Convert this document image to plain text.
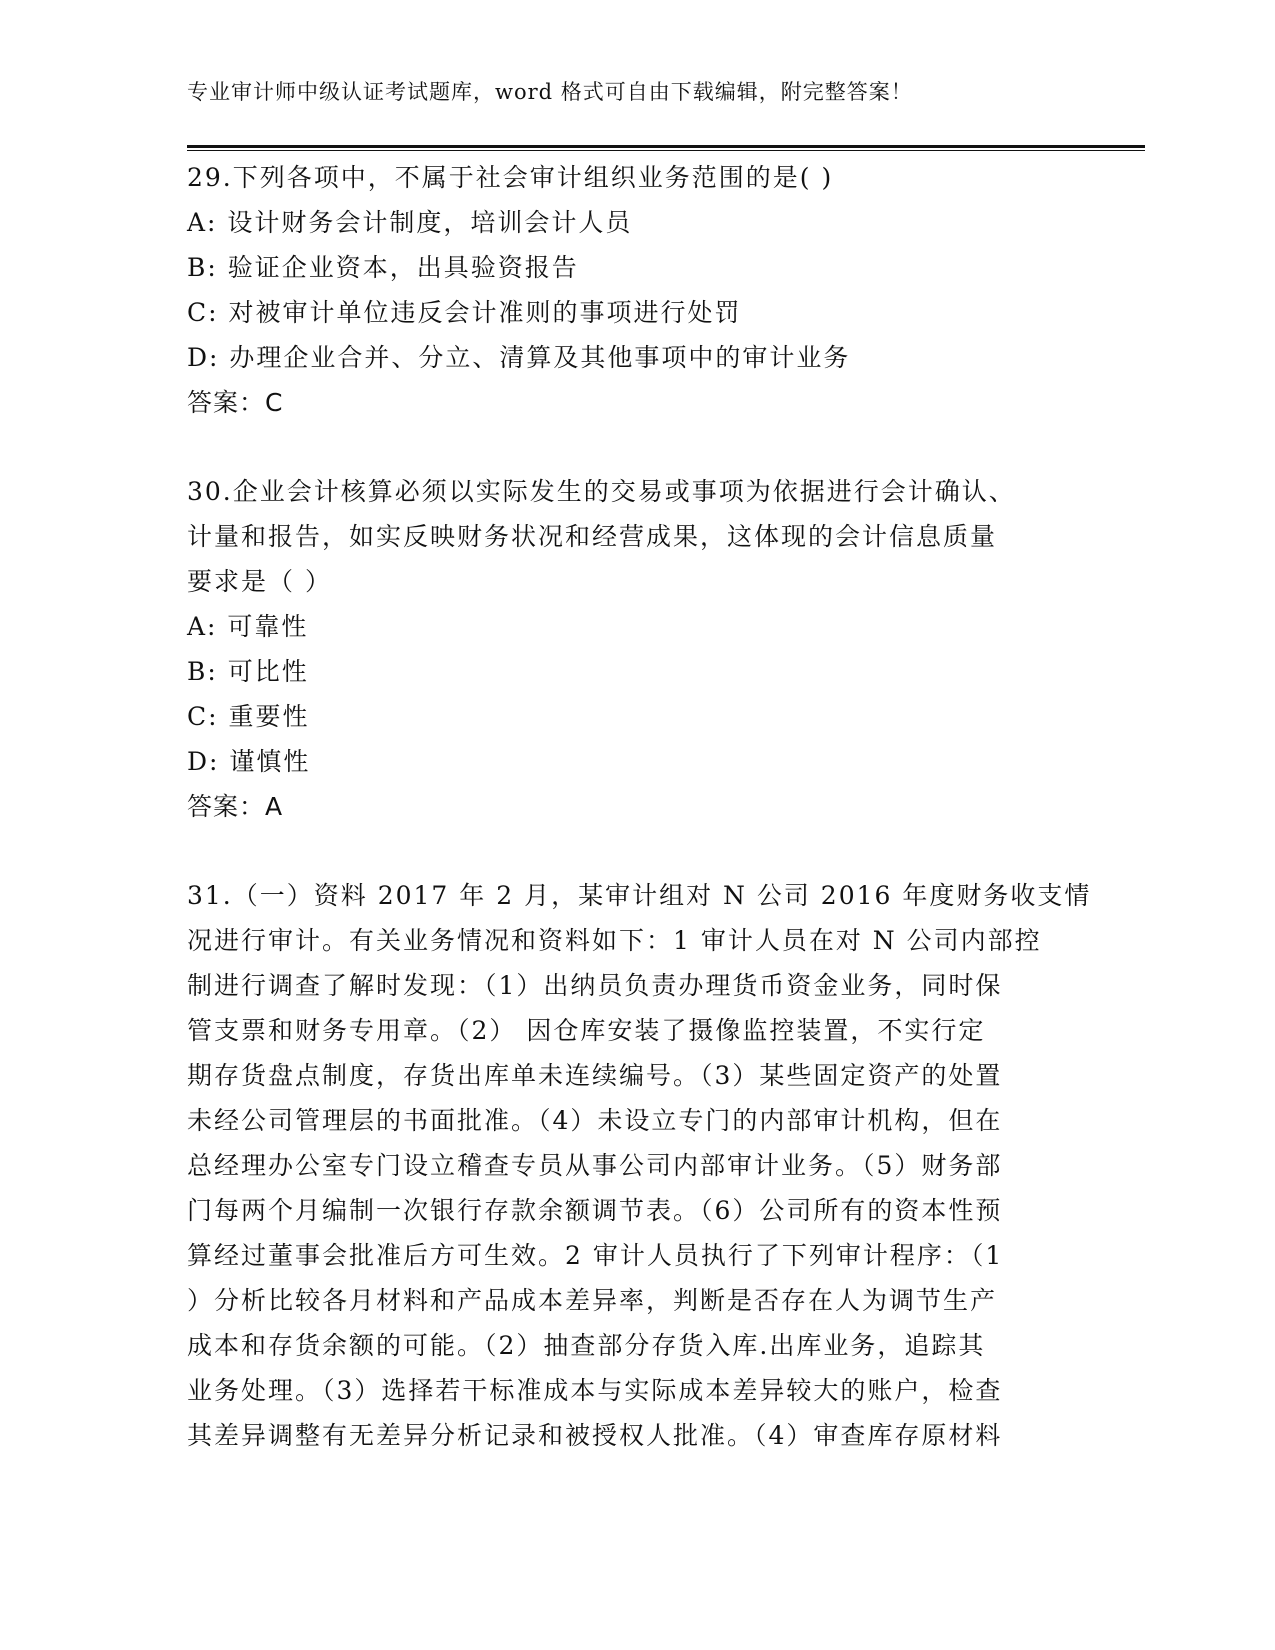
专业审计师中级认证考试题库，word 格式可自由下载编辑，附完整答案！
29.下列各项中，不属于社会审计组织业务范围的是( )
A: 设计财务会计制度，培训会计人员
B: 验证企业资本，出具验资报告
C: 对被审计单位违反会计准则的事项进行处罚
D: 办理企业合并、分立、清算及其他事项中的审计业务
答案：C
30.企业会计核算必须以实际发生的交易或事项为依据进行会计确认、
计量和报告，如实反映财务状况和经营成果，这体现的会计信息质量
要求是（ ）
A: 可靠性
B: 可比性
C: 重要性
D: 谨慎性
答案：A
31.（一）资料 2017 年 2 月，某审计组对 N 公司 2016 年度财务收支情
况进行审计。有关业务情况和资料如下：1 审计人员在对 N 公司内部控
制进行调查了解时发现：（1）出纳员负责办理货币资金业务，同时保
管支票和财务专用章。（2） 因仓库安装了摄像监控装置，不实行定
期存货盘点制度，存货出库单未连续编号。（3）某些固定资产的处置
未经公司管理层的书面批准。（4）未设立专门的内部审计机构，但在
总经理办公室专门设立稽查专员从事公司内部审计业务。（5）财务部
门每两个月编制一次银行存款余额调节表。（6）公司所有的资本性预
算经过董事会批准后方可生效。2 审计人员执行了下列审计程序：（1
）分析比较各月材料和产品成本差异率，判断是否存在人为调节生产
成本和存货余额的可能。（2）抽查部分存货入库.出库业务，追踪其
业务处理。（3）选择若干标准成本与实际成本差异较大的账户，检查
其差异调整有无差异分析记录和被授权人批准。（4）审查库存原材料
